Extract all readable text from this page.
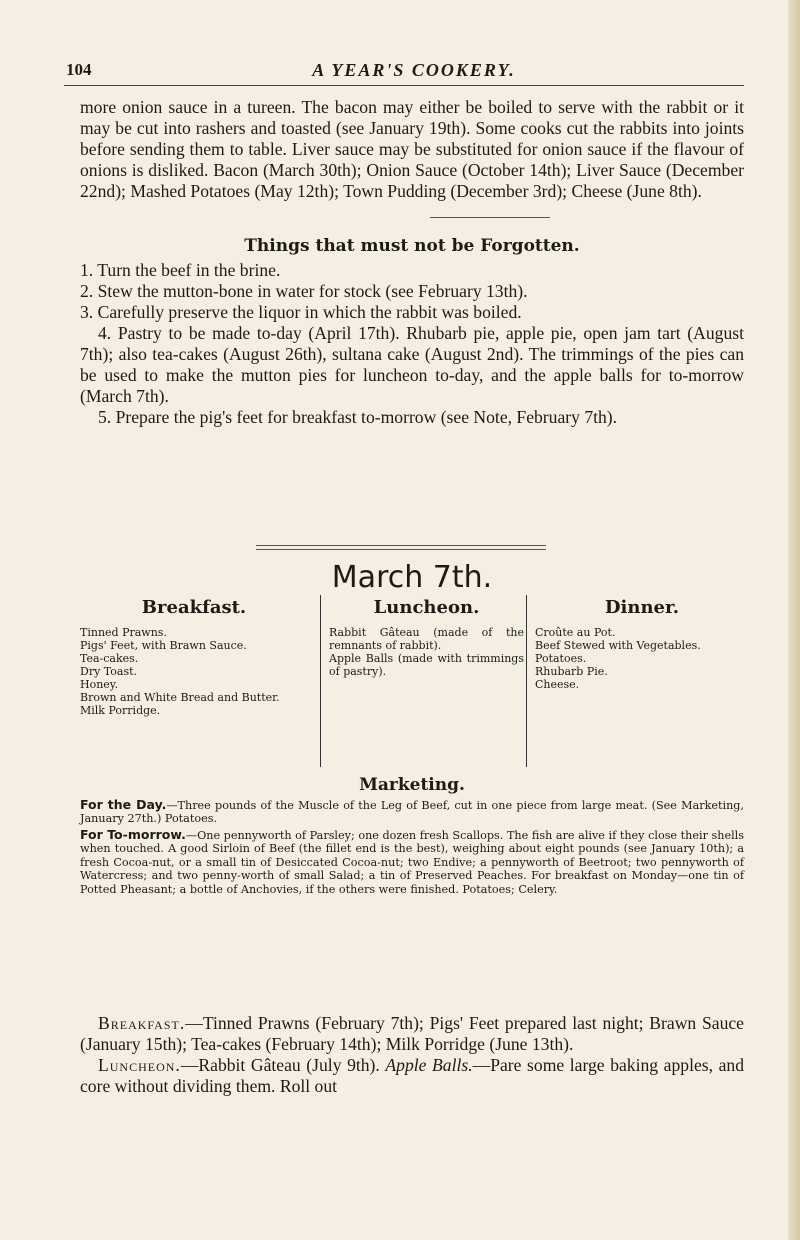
104	A YEAR'S COOKERY.

more onion sauce in a tureen. The bacon may either be boiled to serve with the rabbit or it may be cut into rashers and toasted (see January 19th). Some cooks cut the rabbits into joints before sending them to table. Liver sauce may be substituted for onion sauce if the flavour of onions is disliked. Bacon (March 30th); Onion Sauce (October 14th); Liver Sauce (December 22nd); Mashed Potatoes (May 12th); Town Pudding (December 3rd); Cheese (June 8th).

Things that must not be Forgotten.
1. Turn the beef in the brine.
2. Stew the mutton-bone in water for stock (see February 13th).
3. Carefully preserve the liquor in which the rabbit was boiled.
4. Pastry to be made to-day (April 17th). Rhubarb pie, apple pie, open jam tart (August 7th); also tea-cakes (August 26th), sultana cake (August 2nd). The trimmings of the pies can be used to make the mutton pies for luncheon to-day, and the apple balls for to-morrow (March 7th).
5. Prepare the pig's feet for breakfast to-morrow (see Note, February 7th).
March 7th.
Breakfast.
Tinned Prawns.
Pigs' Feet, with Brawn Sauce.
Tea-cakes.
Dry Toast.
Honey.
Brown and White Bread and Butter.
Milk Porridge.
Luncheon.
Rabbit Gâteau (made of the remnants of rabbit).
Apple Balls (made with trimmings of pastry).
Dinner.
Croûte au Pot.
Beef Stewed with Vegetables.
Potatoes.
Rhubarb Pie.
Cheese.
Marketing.

For the Day.—Three pounds of the Muscle of the Leg of Beef, cut in one piece from large meat. (See Marketing, January 27th.) Potatoes.

For To-morrow.—One pennyworth of Parsley; one dozen fresh Scallops. The fish are alive if they close their shells when touched. A good Sirloin of Beef (the fillet end is the best), weighing about eight pounds (see January 10th); a fresh Cocoa-nut, or a small tin of Desiccated Cocoa-nut; two Endive; a pennyworth of Beetroot; two pennyworth of Watercress; and two penny-worth of small Salad; a tin of Preserved Peaches. For breakfast on Monday—one tin of Potted Pheasant; a bottle of Anchovies, if the others were finished. Potatoes; Celery.

Breakfast.—Tinned Prawns (February 7th); Pigs' Feet prepared last night; Brawn Sauce (January 15th); Tea-cakes (February 14th); Milk Porridge (June 13th).
Luncheon.—Rabbit Gâteau (July 9th). Apple Balls.—Pare some large baking apples, and core without dividing them. Roll out
